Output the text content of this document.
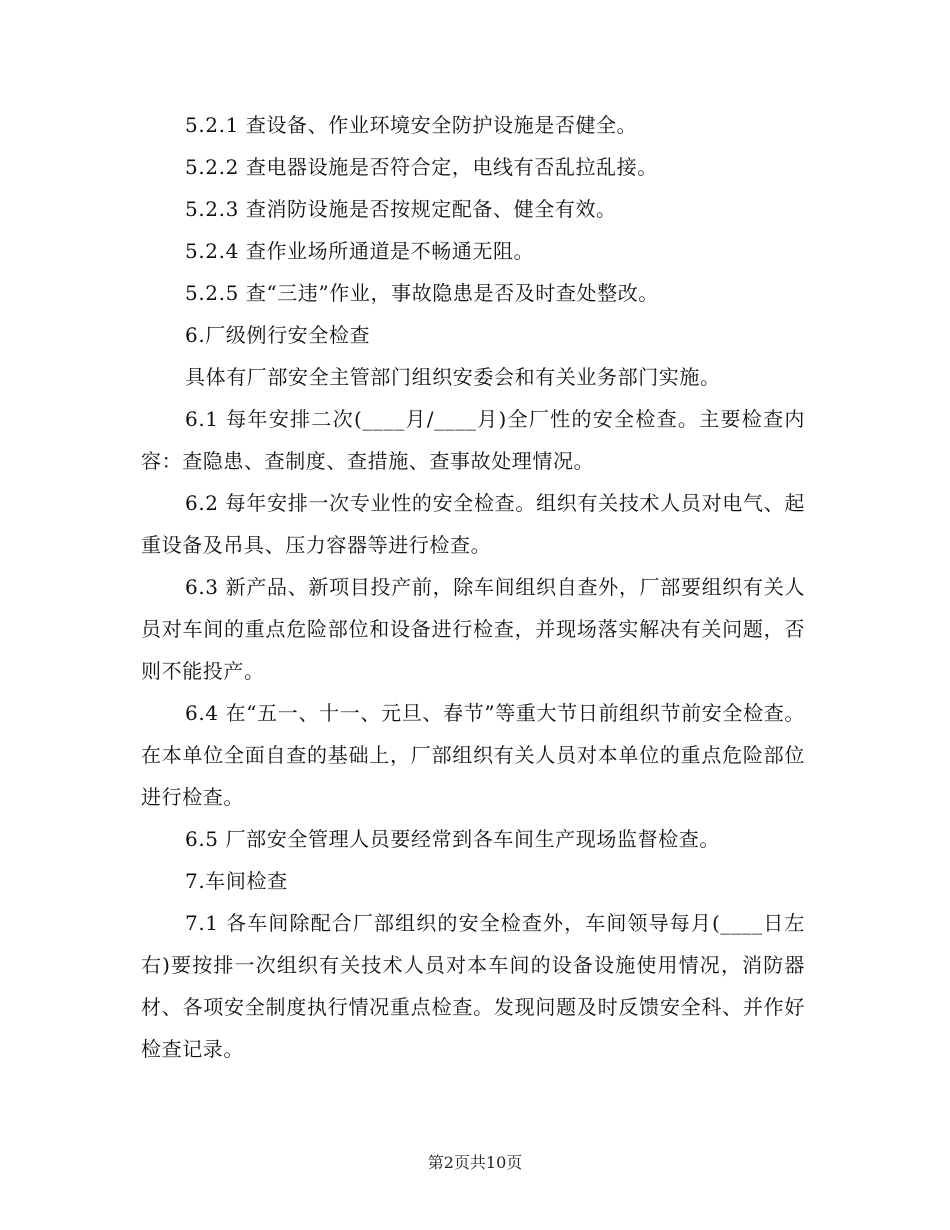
5.2.1 查设备、作业环境安全防护设施是否健全。

5.2.2 查电器设施是否符合定，电线有否乱拉乱接。

5.2.3 查消防设施是否按规定配备、健全有效。

5.2.4 查作业场所通道是不畅通无阻。

5.2.5 查“三违”作业，事故隐患是否及时查处整改。

6.厂级例行安全检查

具体有厂部安全主管部门组织安委会和有关业务部门实施。

6.1 每年安排二次(____月/____月)全厂性的安全检查。主要检查内容：查隐患、查制度、查措施、查事故处理情况。

6.2 每年安排一次专业性的安全检查。组织有关技术人员对电气、起重设备及吊具、压力容器等进行检查。

6.3 新产品、新项目投产前，除车间组织自查外，厂部要组织有关人员对车间的重点危险部位和设备进行检查，并现场落实解决有关问题，否则不能投产。

6.4 在“五一、十一、元旦、春节”等重大节日前组织节前安全检查。在本单位全面自查的基础上，厂部组织有关人员对本单位的重点危险部位进行检查。

6.5 厂部安全管理人员要经常到各车间生产现场监督检查。

7.车间检查

7.1 各车间除配合厂部组织的安全检查外，车间领导每月(____日左右)要按排一次组织有关技术人员对本车间的设备设施使用情况，消防器材、各项安全制度执行情况重点检查。发现问题及时反馈安全科、并作好检查记录。

第2页共10页
